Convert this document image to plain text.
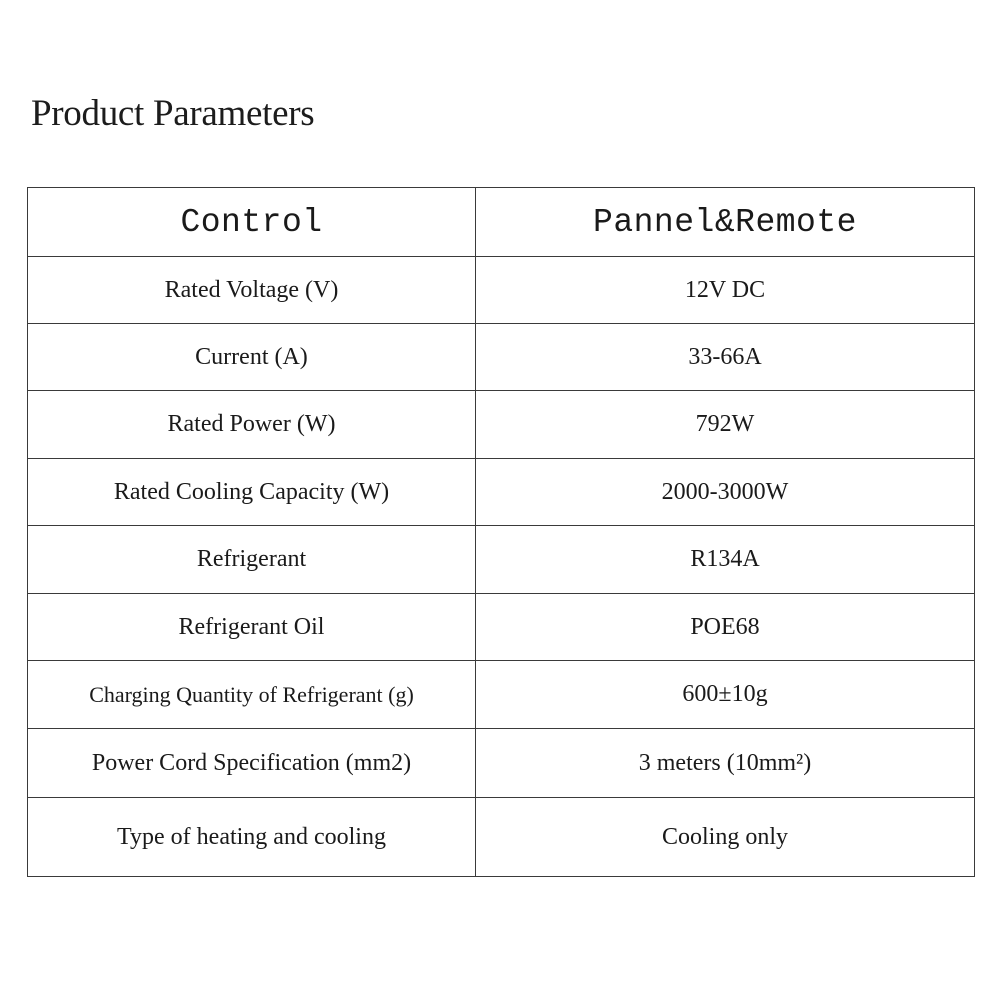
Product Parameters
Control	Pannel&Remote
Rated Voltage (V)	12V DC
Current (A)	33-66A
Rated Power (W)	792W
Rated Cooling Capacity (W)	2000-3000W
Refrigerant	R134A
Refrigerant Oil	POE68
Charging Quantity of Refrigerant (g)	600±10g
Power Cord Specification (mm2)	3 meters (10mm²)
Type of heating and cooling	Cooling only
